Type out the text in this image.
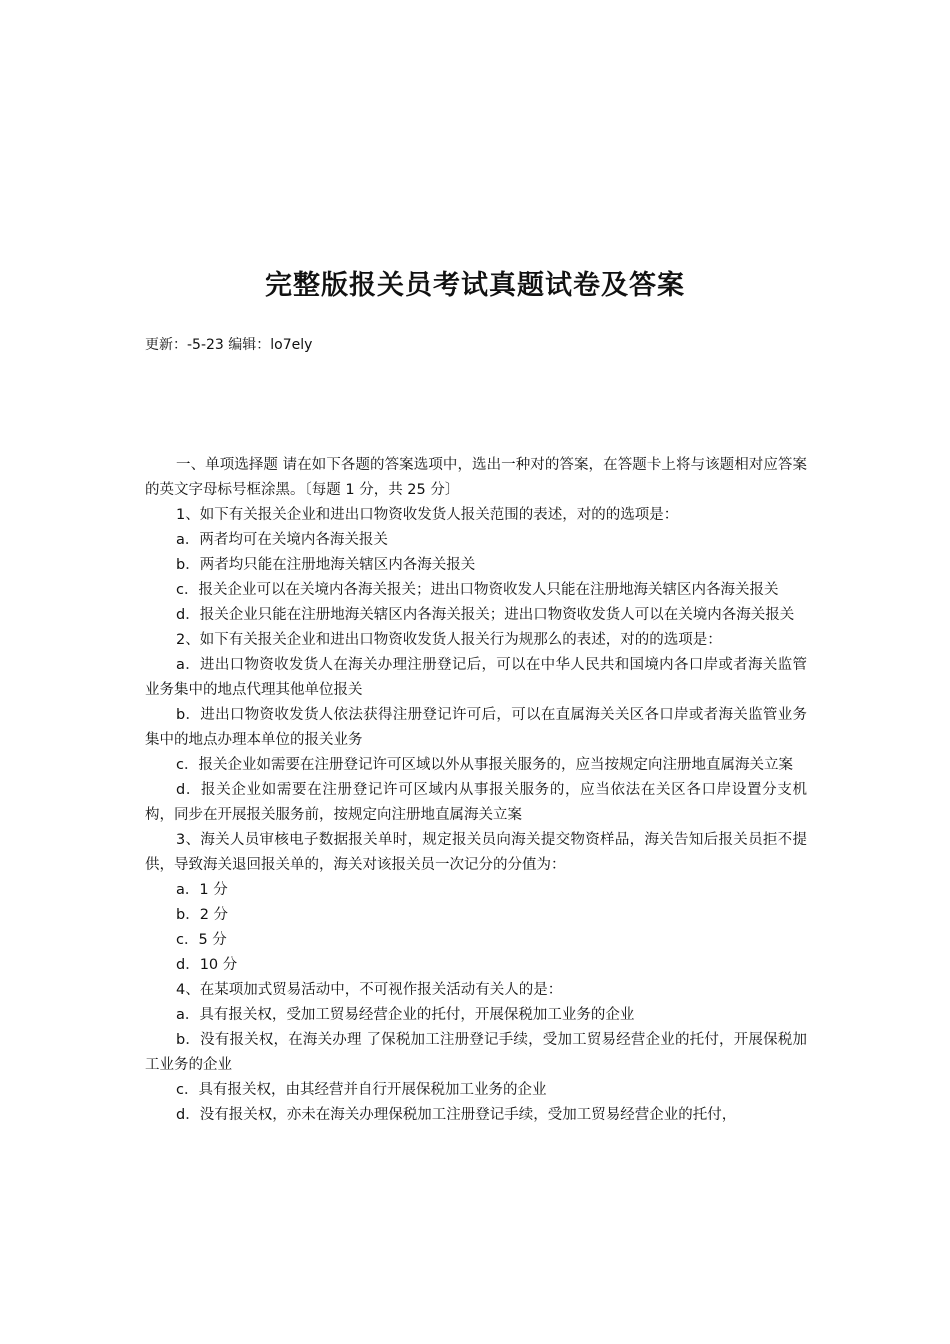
完整版报关员考试真题试卷及答案

更新：-5-23 编辑：lo7ely

一、单项选择题 请在如下各题的答案选项中，选出一种对的答案，在答题卡上将与该题相对应答案的英文字母标号框涂黑。〔每题 1 分，共 25 分〕

1、如下有关报关企业和进出口物资收发货人报关范围的表述，对的的选项是：

a．两者均可在关境内各海关报关

b．两者均只能在注册地海关辖区内各海关报关

c．报关企业可以在关境内各海关报关；进出口物资收发人只能在注册地海关辖区内各海关报关

d．报关企业只能在注册地海关辖区内各海关报关；进出口物资收发货人可以在关境内各海关报关

2、如下有关报关企业和进出口物资收发货人报关行为规那么的表述，对的的选项是：

a．进出口物资收发货人在海关办理注册登记后，可以在中华人民共和国境内各口岸或者海关监管业务集中的地点代理其他单位报关

b．进出口物资收发货人依法获得注册登记许可后，可以在直属海关关区各口岸或者海关监管业务集中的地点办理本单位的报关业务

c．报关企业如需要在注册登记许可区域以外从事报关服务的，应当按规定向注册地直属海关立案

d．报关企业如需要在注册登记许可区域内从事报关服务的，应当依法在关区各口岸设置分支机构，同步在开展报关服务前，按规定向注册地直属海关立案

3、海关人员审核电子数据报关单时，规定报关员向海关提交物资样品，海关告知后报关员拒不提供，导致海关退回报关单的，海关对该报关员一次记分的分值为：

a．1 分

b．2 分

c．5 分

d．10 分

4、在某项加式贸易活动中，不可视作报关活动有关人的是：

a．具有报关权，受加工贸易经营企业的托付，开展保税加工业务的企业

b．没有报关权，在海关办理 了保税加工注册登记手续，受加工贸易经营企业的托付，开展保税加工业务的企业

c．具有报关权，由其经营并自行开展保税加工业务的企业

d．没有报关权，亦未在海关办理保税加工注册登记手续，受加工贸易经营企业的托付，
